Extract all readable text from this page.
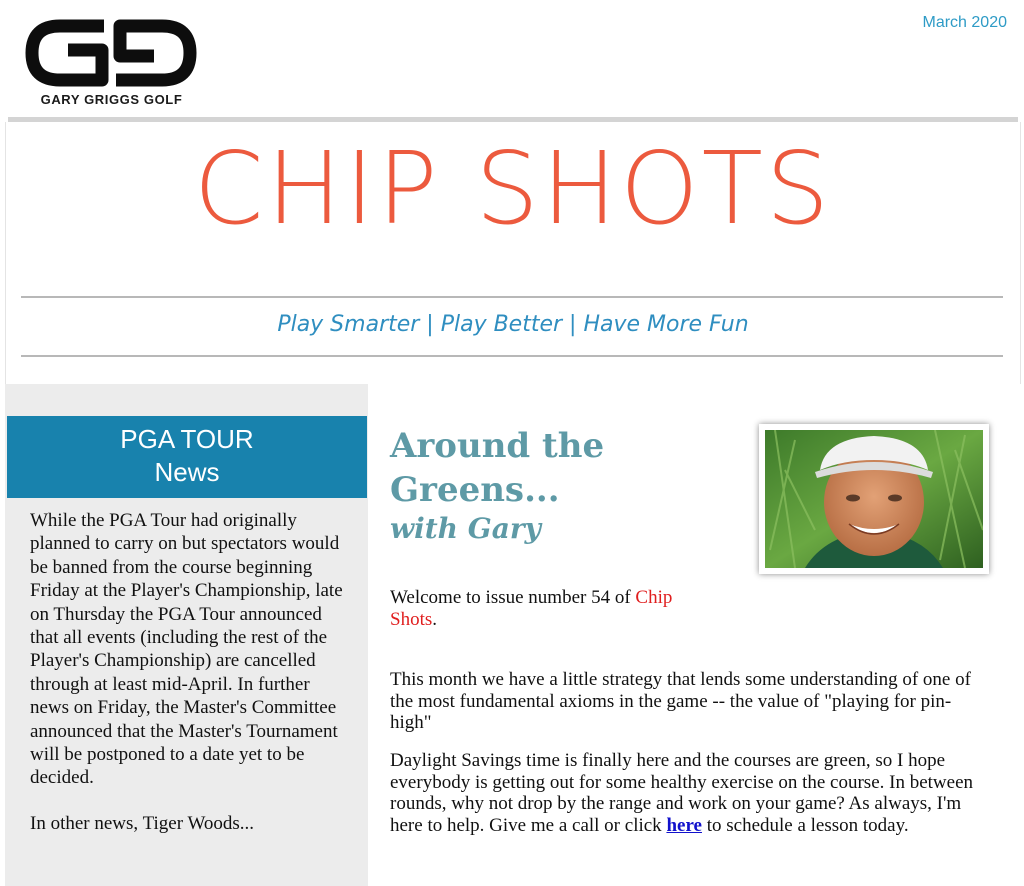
GARY GRIGGS GOLF
March 2020
CHIP SHOTS
Play Smarter | Play Better | Have More Fun
PGA TOUR
News

While the PGA Tour had originally planned to carry on but spectators would be banned from the course beginning Friday at the Player's Championship, late on Thursday the PGA Tour announced that all events (including the rest of the Player's Championship) are cancelled through at least mid-April. In further news on Friday, the Master's Committee announced that the Master's Tournament will be postponed to a date yet to be decided.

In other news, Tiger Woods...

Around the Greens...
with Gary
Welcome to issue number 54 of Chip Shots.
This month we have a little strategy that lends some understanding of one of the most fundamental axioms in the game -- the value of "playing for pin-high"
Daylight Savings time is finally here and the courses are green, so I hope everybody is getting out for some healthy exercise on the course. In between rounds, why not drop by the range and work on your game? As always, I'm here to help. Give me a call or click here to schedule a lesson today.
